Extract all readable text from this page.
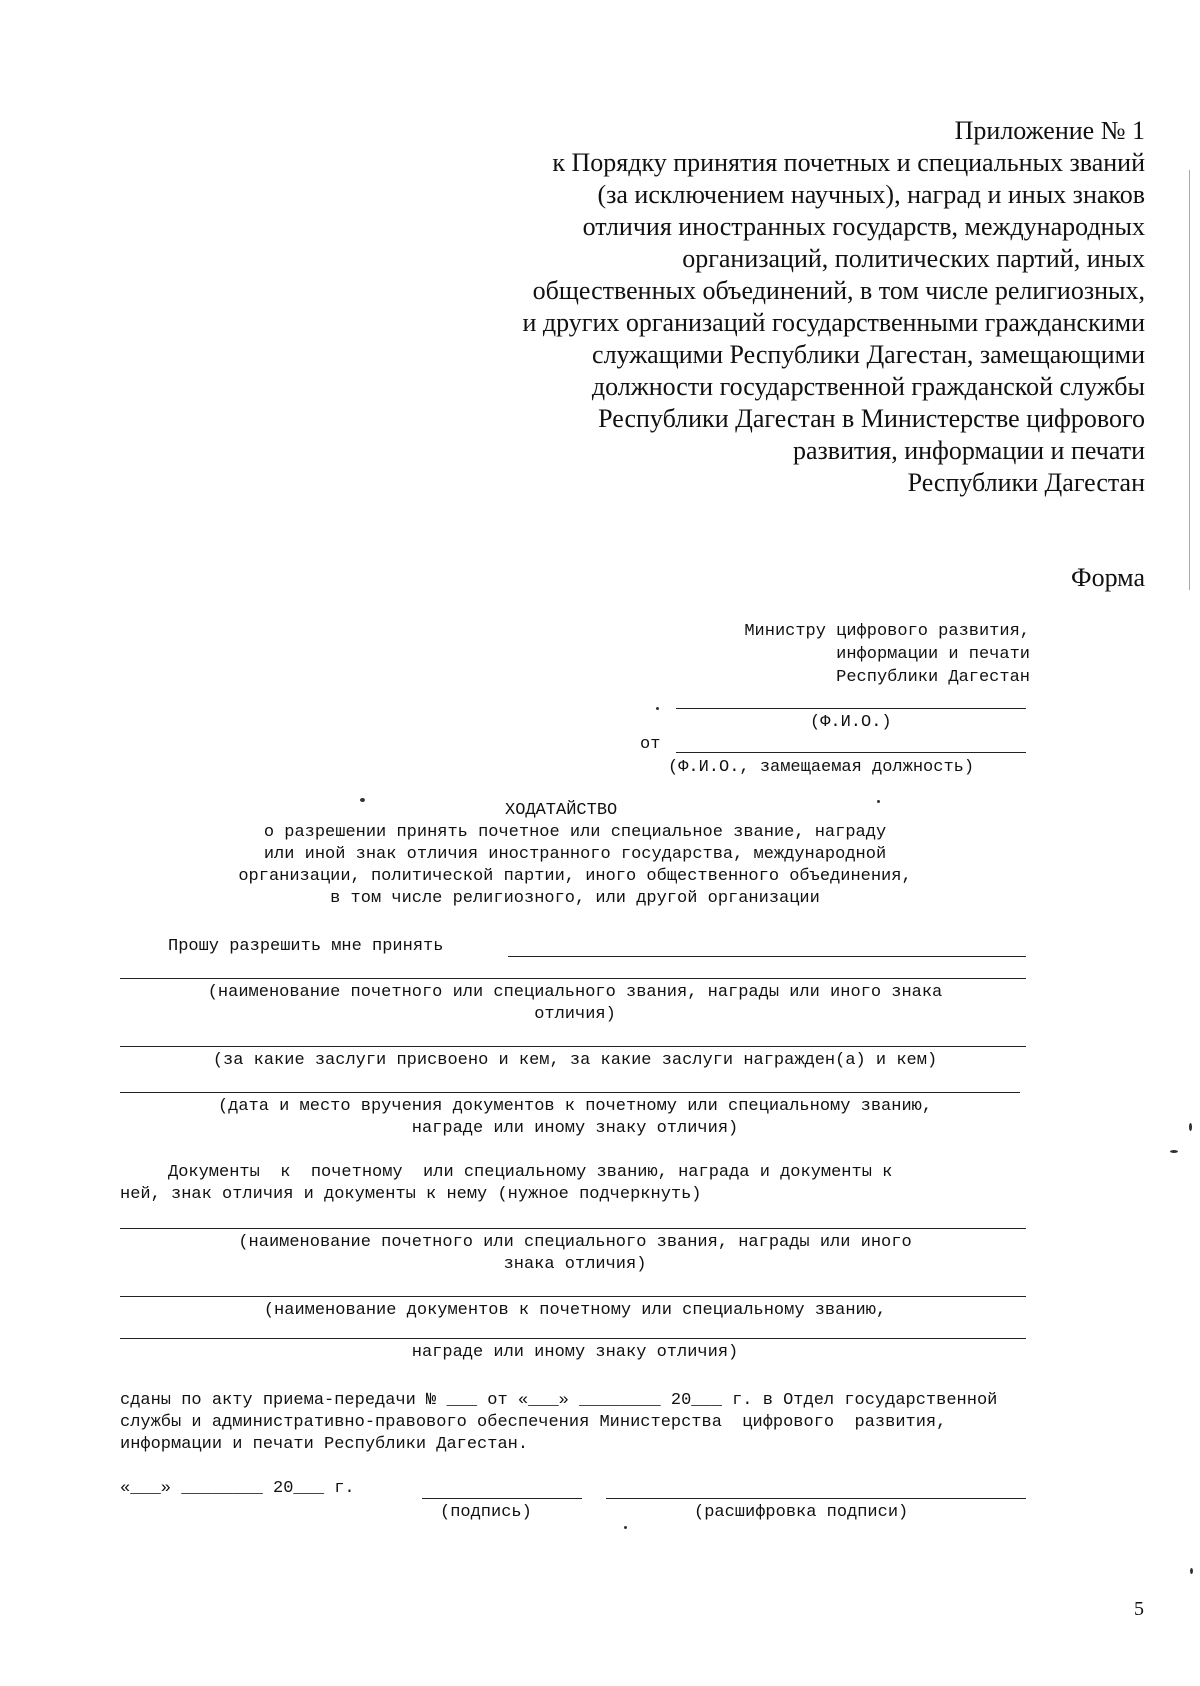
Приложение № 1
к Порядку принятия почетных и специальных званий
(за исключением научных), наград и иных знаков
отличия иностранных государств, международных
организаций, политических партий, иных
общественных объединений, в том числе религиозных,
и других организаций государственными гражданскими
служащими Республики Дагестан, замещающими
должности государственной гражданской службы
Республики Дагестан в Министерстве цифрового
развития, информации и печати
Республики Дагестан
Форма
Министру цифрового развития,
информации и печати
Республики Дагестан
(Ф.И.О.)
от
(Ф.И.О., замещаемая должность)
ХОДАТАЙСТВО
о разрешении принять почетное или специальное звание, награду
или иной знак отличия иностранного государства, международной
организации, политической партии, иного общественного объединения,
в том числе религиозного, или другой организации
Прошу разрешить мне принять
(наименование почетного или специального звания, награды или иного знака
отличия)
(за какие заслуги присвоено и кем, за какие заслуги награжден(а) и кем)
(дата и место вручения документов к почетному или специальному званию,
награде или иному знаку отличия)
Документы  к  почетному  или специальному званию, награда и документы к
ней, знак отличия и документы к нему (нужное подчеркнуть)
(наименование почетного или специального звания, награды или иного
знака отличия)
(наименование документов к почетному или специальному званию,
награде или иному знаку отличия)
сданы по акту приема-передачи № ___ от «___» ________ 20___ г. в Отдел государственной
службы и административно-правового обеспечения Министерства  цифрового  развития,
информации и печати Республики Дагестан.
«___» ________ 20___ г.
(подпись)	(расшифровка подписи)
5
